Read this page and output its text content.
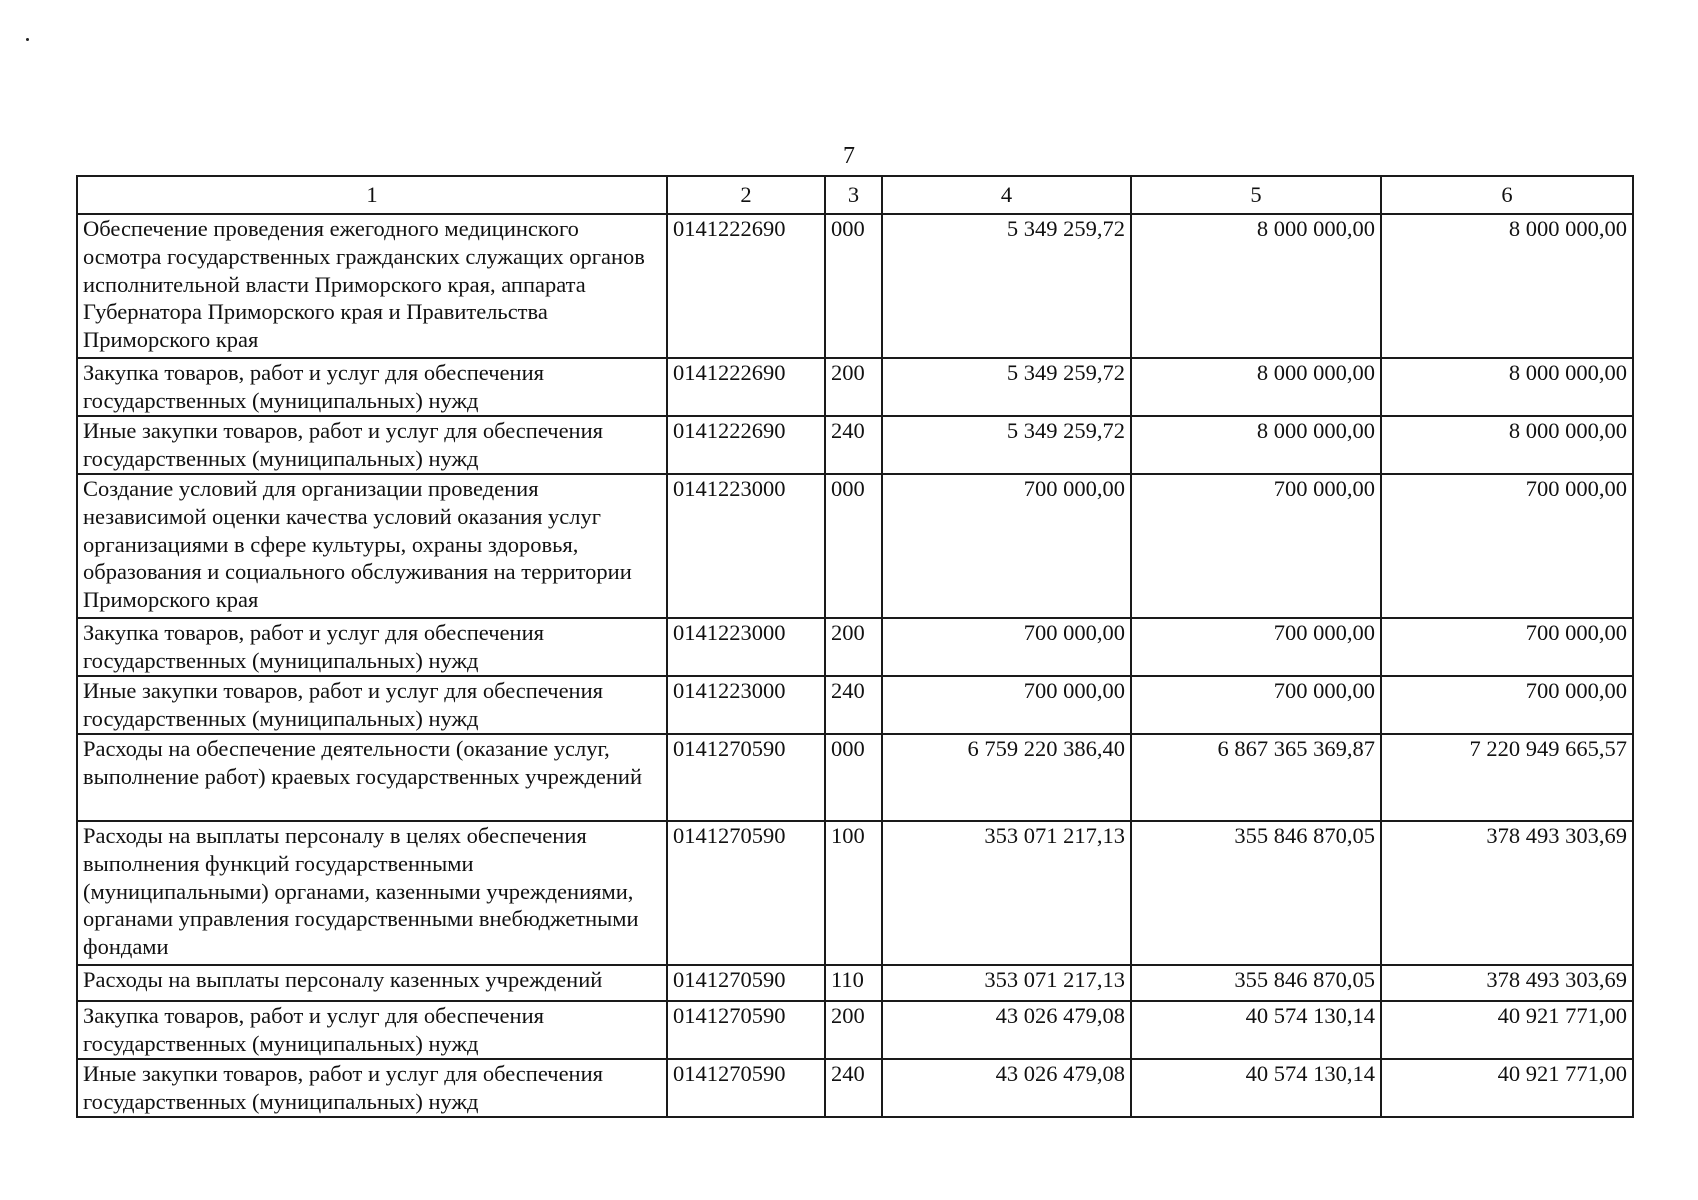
7
1	2	3	4	5	6
Обеспечение проведения ежегодного медицинского осмотра государственных гражданских служащих органов исполнительной власти Приморского края, аппарата Губернатора Приморского края и Правительства Приморского края	0141222690	000	5 349 259,72	8 000 000,00	8 000 000,00
Закупка товаров, работ и услуг для обеспечения государственных (муниципальных) нужд	0141222690	200	5 349 259,72	8 000 000,00	8 000 000,00
Иные закупки товаров, работ и услуг для обеспечения государственных (муниципальных) нужд	0141222690	240	5 349 259,72	8 000 000,00	8 000 000,00
Создание условий для организации проведения независимой оценки качества условий оказания услуг организациями в сфере культуры, охраны здоровья, образования и социального обслуживания на территории Приморского края	0141223000	000	700 000,00	700 000,00	700 000,00
Закупка товаров, работ и услуг для обеспечения государственных (муниципальных) нужд	0141223000	200	700 000,00	700 000,00	700 000,00
Иные закупки товаров, работ и услуг для обеспечения государственных (муниципальных) нужд	0141223000	240	700 000,00	700 000,00	700 000,00
Расходы на обеспечение деятельности (оказание услуг, выполнение работ) краевых государственных учреждений	0141270590	000	6 759 220 386,40	6 867 365 369,87	7 220 949 665,57
Расходы на выплаты персоналу в целях обеспечения выполнения функций государственными (муниципальными) органами, казенными учреждениями, органами управления государственными внебюджетными фондами	0141270590	100	353 071 217,13	355 846 870,05	378 493 303,69
Расходы на выплаты персоналу казенных учреждений	0141270590	110	353 071 217,13	355 846 870,05	378 493 303,69
Закупка товаров, работ и услуг для обеспечения государственных (муниципальных) нужд	0141270590	200	43 026 479,08	40 574 130,14	40 921 771,00
Иные закупки товаров, работ и услуг для обеспечения государственных (муниципальных) нужд	0141270590	240	43 026 479,08	40 574 130,14	40 921 771,00
